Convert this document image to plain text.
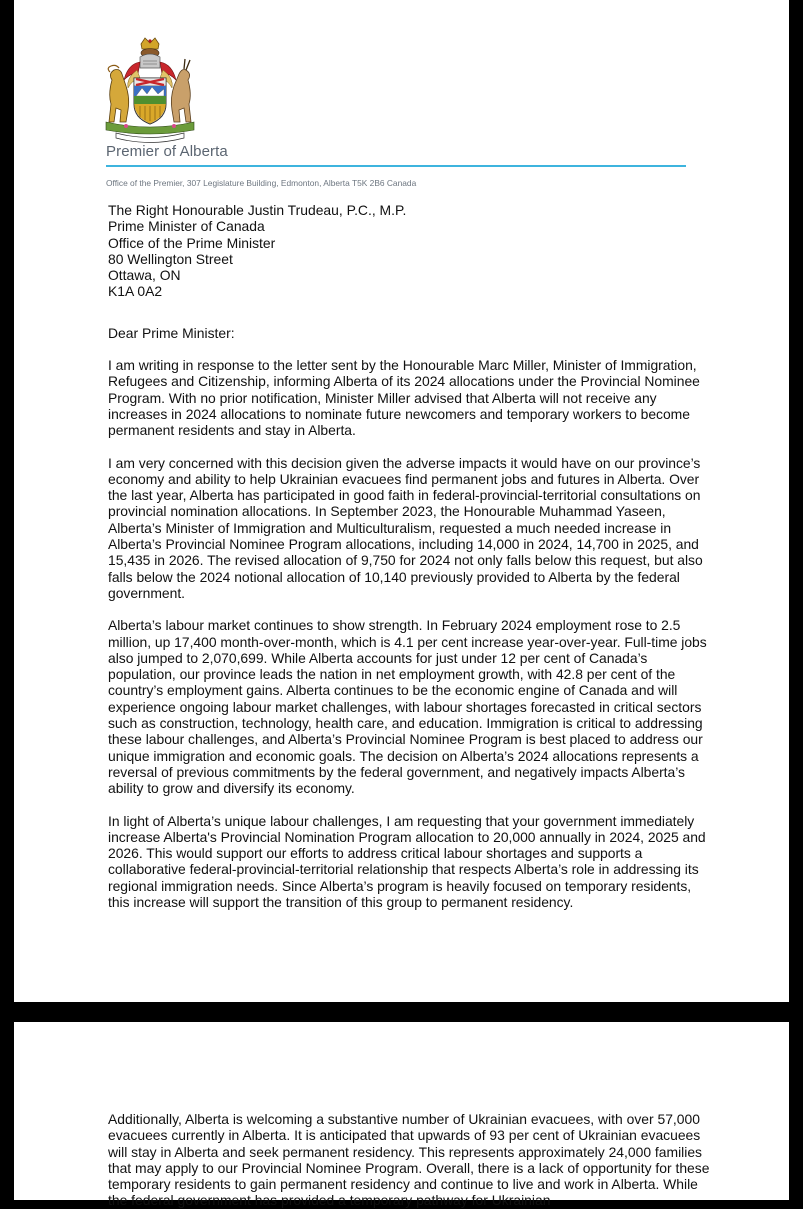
Premier of Alberta
Office of the Premier, 307 Legislature Building, Edmonton, Alberta T5K 2B6 Canada
The Right Honourable Justin Trudeau, P.C., M.P.
Prime Minister of Canada
Office of the Prime Minister
80 Wellington Street
Ottawa, ON
K1A 0A2
Dear Prime Minister:
I am writing in response to the letter sent by the Honourable Marc Miller, Minister of Immigration, Refugees and Citizenship, informing Alberta of its 2024 allocations under the Provincial Nominee Program. With no prior notification, Minister Miller advised that Alberta will not receive any increases in 2024 allocations to nominate future newcomers and temporary workers to become permanent residents and stay in Alberta.
I am very concerned with this decision given the adverse impacts it would have on our province’s economy and ability to help Ukrainian evacuees find permanent jobs and futures in Alberta. Over the last year, Alberta has participated in good faith in federal-provincial-territorial consultations on provincial nomination allocations. In September 2023, the Honourable Muhammad Yaseen, Alberta’s Minister of Immigration and Multiculturalism, requested a much needed increase in Alberta’s Provincial Nominee Program allocations, including 14,000 in 2024, 14,700 in 2025, and 15,435 in 2026. The revised allocation of 9,750 for 2024 not only falls below this request, but also falls below the 2024 notional allocation of 10,140 previously provided to Alberta by the federal government.
Alberta’s labour market continues to show strength. In February 2024 employment rose to 2.5 million, up 17,400 month-over-month, which is 4.1 per cent increase year-over-year. Full-time jobs also jumped to 2,070,699. While Alberta accounts for just under 12 per cent of Canada’s population, our province leads the nation in net employment growth, with 42.8 per cent of the country’s employment gains. Alberta continues to be the economic engine of Canada and will experience ongoing labour market challenges, with labour shortages forecasted in critical sectors such as construction, technology, health care, and education. Immigration is critical to addressing these labour challenges, and Alberta’s Provincial Nominee Program is best placed to address our unique immigration and economic goals. The decision on Alberta’s 2024 allocations represents a reversal of previous commitments by the federal government, and negatively impacts Alberta’s ability to grow and diversify its economy.
In light of Alberta’s unique labour challenges, I am requesting that your government immediately increase Alberta's Provincial Nomination Program allocation to 20,000 annually in 2024, 2025 and 2026. This would support our efforts to address critical labour shortages and supports a collaborative federal-provincial-territorial relationship that respects Alberta’s role in addressing its regional immigration needs. Since Alberta’s program is heavily focused on temporary residents, this increase will support the transition of this group to permanent residency.
Additionally, Alberta is welcoming a substantive number of Ukrainian evacuees, with over 57,000 evacuees currently in Alberta. It is anticipated that upwards of 93 per cent of Ukrainian evacuees will stay in Alberta and seek permanent residency. This represents approximately 24,000 families that may apply to our Provincial Nominee Program. Overall, there is a lack of opportunity for these temporary residents to gain permanent residency and continue to live and work in Alberta. While the federal government has provided a temporary pathway for Ukrainian
